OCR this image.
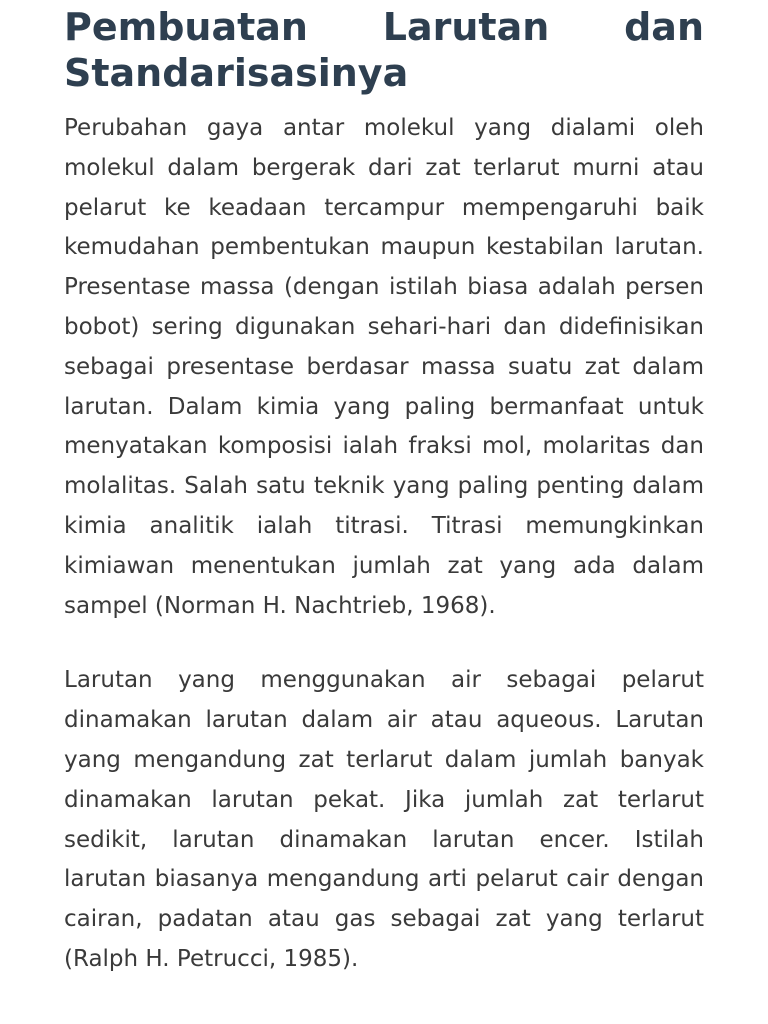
Pembuatan Larutan dan Standarisasinya

Perubahan gaya antar molekul yang dialami oleh molekul dalam bergerak dari zat terlarut murni atau pelarut ke keadaan tercampur mempengaruhi baik kemudahan pembentukan maupun kestabilan larutan. Presentase massa (dengan istilah biasa adalah persen bobot) sering digunakan sehari-hari dan didefinisikan sebagai presentase berdasar massa suatu zat dalam larutan. Dalam kimia yang paling bermanfaat untuk menyatakan komposisi ialah fraksi mol, molaritas dan molalitas. Salah satu teknik yang paling penting dalam kimia analitik ialah titrasi. Titrasi memungkinkan kimiawan menentukan jumlah zat yang ada dalam sampel (Norman H. Nachtrieb, 1968).

Larutan yang menggunakan air sebagai pelarut dinamakan larutan dalam air atau aqueous. Larutan yang mengandung zat terlarut dalam jumlah banyak dinamakan larutan pekat. Jika jumlah zat terlarut sedikit, larutan dinamakan larutan encer. Istilah larutan biasanya mengandung arti pelarut cair dengan cairan, padatan atau gas sebagai zat yang terlarut (Ralph H. Petrucci, 1985).
